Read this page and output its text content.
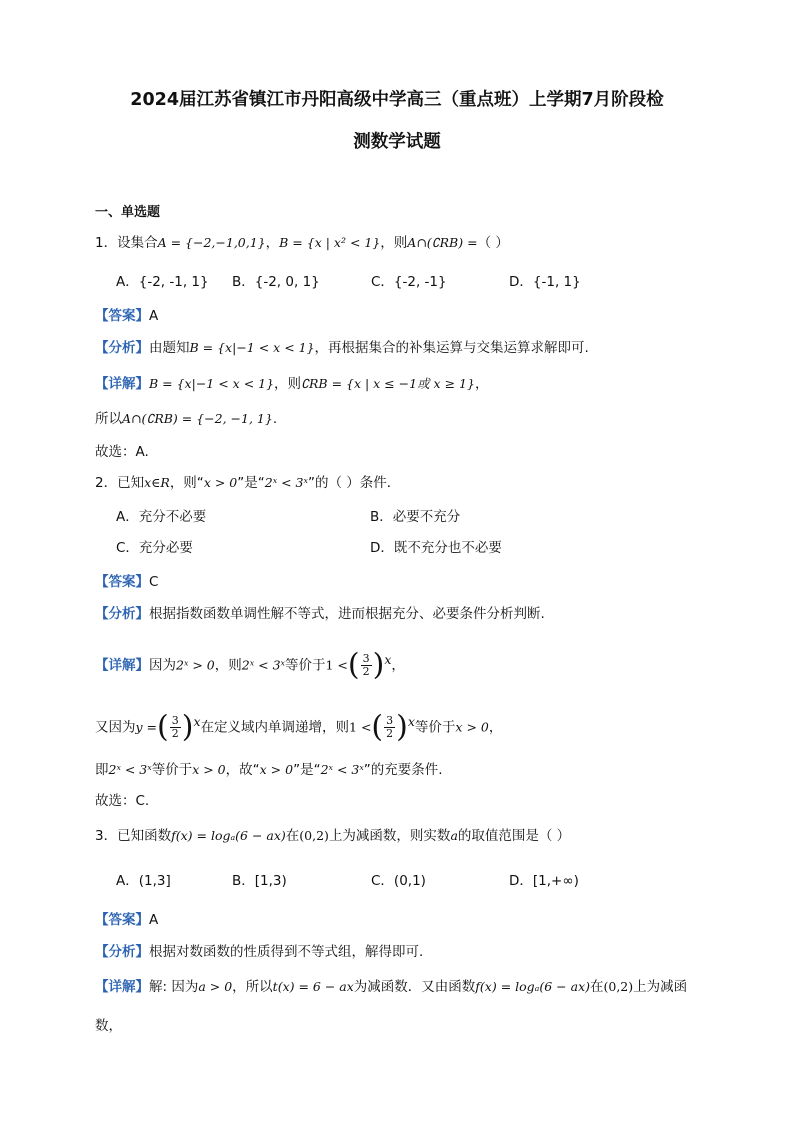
2024届江苏省镇江市丹阳高级中学高三（重点班）上学期7月阶段检
测数学试题
一、单选题
1．设集合A = {−2,−1,0,1}，B = {x | x² < 1}，则A∩(∁RB) =（ ）
A．{-2, -1, 1} B．{-2, 0, 1}	C．{-2, -1}	D．{-1, 1}
【答案】A
【分析】由题知B = {x|−1 < x < 1}，再根据集合的补集运算与交集运算求解即可.
【详解】B = {x|−1 < x < 1}，则∁RB = {x | x ≤ −1或 x ≥ 1}，
所以A∩(∁RB) = {−2, −1, 1}.
故选：A.
2．已知x∈R，则“x > 0”是“2ˣ < 3ˣ”的（ ）条件．
A．充分不必要	B．必要不充分
C．充分必要	D．既不充分也不必要
【答案】C
【分析】根据指数函数单调性解不等式，进而根据充分、必要条件分析判断.
【详解】因为2ˣ > 0，则2ˣ < 3ˣ等价于1 <( $\frac{3}{2} )^x$，
又因为y =( $\frac{3}{2} )^x$在定义域内单调递增，则1 <( $\frac{3}{2} )^x$等价于x > 0，
即2ˣ < 3ˣ等价于x > 0，故“x > 0”是“2ˣ < 3ˣ”的充要条件.
故选：C.
3．已知函数f(x) = logₐ(6 − ax)在(0,2)上为减函数，则实数a的取值范围是（ ）
A．(1,3]	B．[1,3)	C．(0,1)	D．[1,+∞)
【答案】A
【分析】根据对数函数的性质得到不等式组，解得即可.
【详解】解: 因为a > 0，所以t(x) = 6 − ax为减函数．又由函数f(x) = logₐ(6 − ax)在(0,2)上为减函
数，
